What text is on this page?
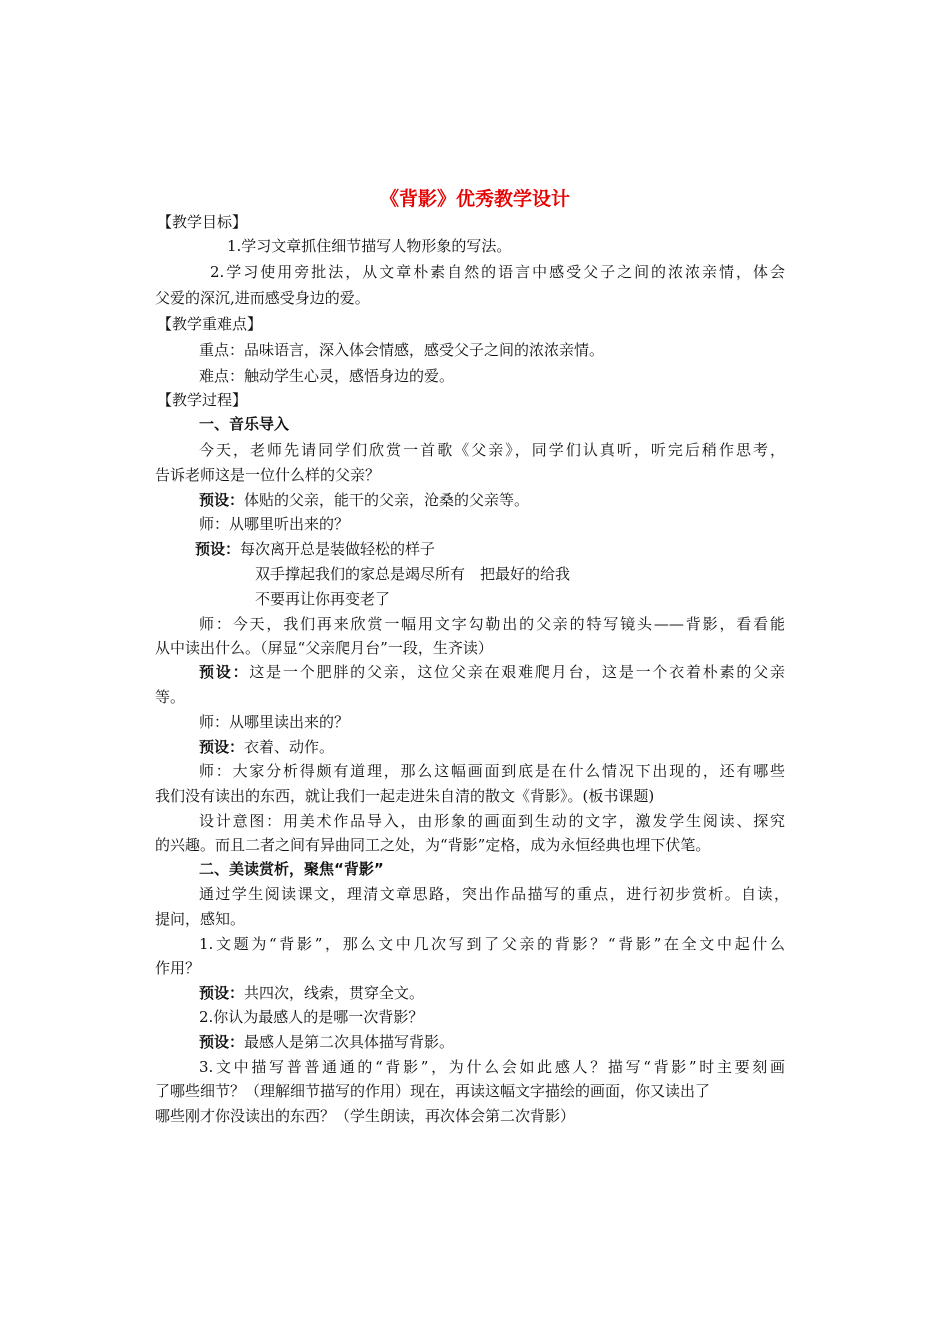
《背影》优秀教学设计
【教学目标】
1.学习文章抓住细节描写人物形象的写法。
2.学习使用旁批法，从文章朴素自然的语言中感受父子之间的浓浓亲情，体会
父爱的深沉,进而感受身边的爱。
【教学重难点】
重点：品味语言，深入体会情感，感受父子之间的浓浓亲情。
难点：触动学生心灵，感悟身边的爱。
【教学过程】
一、音乐导入
今天，老师先请同学们欣赏一首歌《父亲》，同学们认真听，听完后稍作思考，
告诉老师这是一位什么样的父亲？
预设：体贴的父亲，能干的父亲，沧桑的父亲等。
师：从哪里听出来的？
预设：每次离开总是装做轻松的样子
双手撑起我们的家总是竭尽所有　把最好的给我
不要再让你再变老了
师：今天，我们再来欣赏一幅用文字勾勒出的父亲的特写镜头——背影，看看能
从中读出什么。（屏显“父亲爬月台”一段，生齐读）
预设：这是一个肥胖的父亲，这位父亲在艰难爬月台，这是一个衣着朴素的父亲
等。
师：从哪里读出来的？
预设：衣着、动作。
师：大家分析得颇有道理，那么这幅画面到底是在什么情况下出现的，还有哪些
我们没有读出的东西，就让我们一起走进朱自清的散文《背影》。(板书课题)
设计意图：用美术作品导入，由形象的画面到生动的文字，激发学生阅读、探究
的兴趣。而且二者之间有异曲同工之处，为“背影”定格，成为永恒经典也埋下伏笔。
二、美读赏析，聚焦“背影”
通过学生阅读课文，理清文章思路，突出作品描写的重点，进行初步赏析。自读，
提问，感知。
1.文题为“背影”，那么文中几次写到了父亲的背影？“背影”在全文中起什么
作用？
预设：共四次，线索，贯穿全文。
2.你认为最感人的是哪一次背影？
预设：最感人是第二次具体描写背影。
3.文中描写普普通通的“背影”，为什么会如此感人？描写“背影”时主要刻画
了哪些细节？（理解细节描写的作用）现在，再读这幅文字描绘的画面，你又读出了
哪些刚才你没读出的东西？（学生朗读，再次体会第二次背影）
